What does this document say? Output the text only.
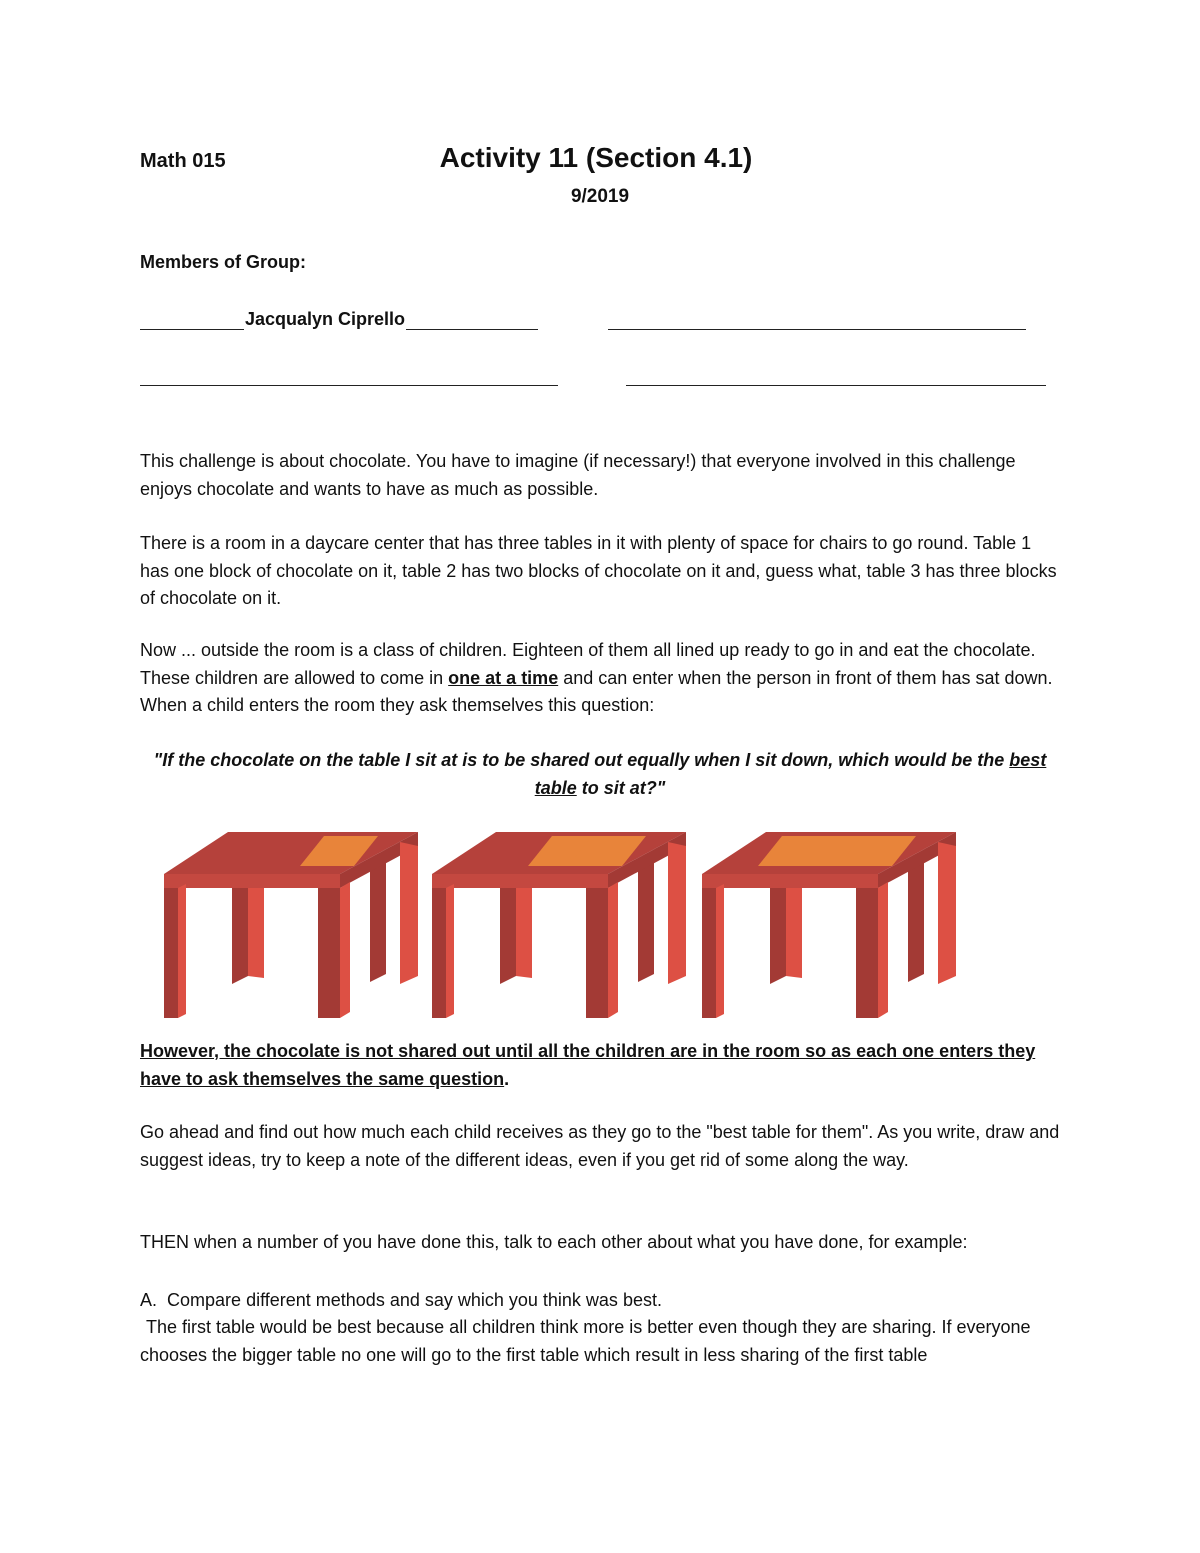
Math 015	Activity 11 (Section 4.1)
9/2019
Members of Group:
Jacqualyn Ciprello
This challenge is about chocolate. You have to imagine (if necessary!) that everyone involved in this challenge enjoys chocolate and wants to have as much as possible.
There is a room in a daycare center that has three tables in it with plenty of space for chairs to go round. Table 1 has one block of chocolate on it, table 2 has two blocks of chocolate on it and, guess what, table 3 has three blocks of chocolate on it.
Now ... outside the room is a class of children. Eighteen of them all lined up ready to go in and eat the chocolate. These children are allowed to come in one at a time and can enter when the person in front of them has sat down. When a child enters the room they ask themselves this question:
"If the chocolate on the table I sit at is to be shared out equally when I sit down, which would be the best table to sit at?"
However, the chocolate is not shared out until all the children are in the room so as each one enters they have to ask themselves the same question.
Go ahead and find out how much each child receives as they go to the "best table for them". As you write, draw and suggest ideas, try to keep a note of the different ideas, even if you get rid of some along the way.
THEN when a number of you have done this, talk to each other about what you have done, for example:
A. Compare different methods and say which you think was best.
The first table would be best because all children think more is better even though they are sharing. If everyone chooses the bigger table no one will go to the first table which result in less sharing of the first table
